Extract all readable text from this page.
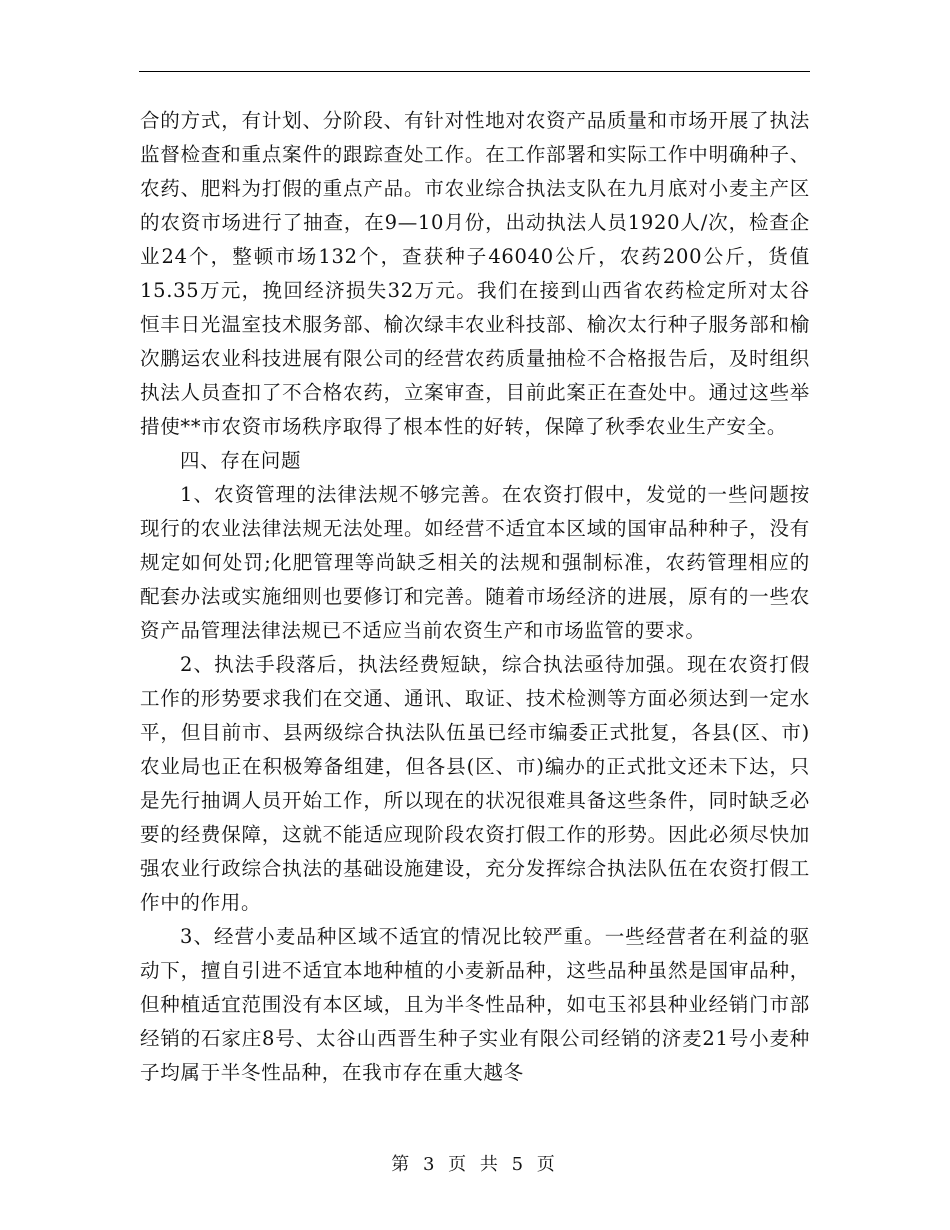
合的方式，有计划、分阶段、有针对性地对农资产品质量和市场开展了执法监督检查和重点案件的跟踪查处工作。在工作部署和实际工作中明确种子、农药、肥料为打假的重点产品。市农业综合执法支队在九月底对小麦主产区的农资市场进行了抽查，在9—10月份，出动执法人员1920人/次，检查企业24个，整顿市场132个，查获种子46040公斤，农药200公斤，货值15.35万元，挽回经济损失32万元。我们在接到山西省农药检定所对太谷恒丰日光温室技术服务部、榆次绿丰农业科技部、榆次太行种子服务部和榆次鹏运农业科技进展有限公司的经营农药质量抽检不合格报告后，及时组织执法人员查扣了不合格农药，立案审查，目前此案正在查处中。通过这些举措使**市农资市场秩序取得了根本性的好转，保障了秋季农业生产安全。

四、存在问题

1、农资管理的法律法规不够完善。在农资打假中，发觉的一些问题按现行的农业法律法规无法处理。如经营不适宜本区域的国审品种种子，没有规定如何处罚;化肥管理等尚缺乏相关的法规和强制标准，农药管理相应的配套办法或实施细则也要修订和完善。随着市场经济的进展，原有的一些农资产品管理法律法规已不适应当前农资生产和市场监管的要求。

2、执法手段落后，执法经费短缺，综合执法亟待加强。现在农资打假工作的形势要求我们在交通、通讯、取证、技术检测等方面必须达到一定水平，但目前市、县两级综合执法队伍虽已经市编委正式批复，各县(区、市)农业局也正在积极筹备组建，但各县(区、市)编办的正式批文还未下达，只是先行抽调人员开始工作，所以现在的状况很难具备这些条件，同时缺乏必要的经费保障，这就不能适应现阶段农资打假工作的形势。因此必须尽快加强农业行政综合执法的基础设施建设，充分发挥综合执法队伍在农资打假工作中的作用。

3、经营小麦品种区域不适宜的情况比较严重。一些经营者在利益的驱动下，擅自引进不适宜本地种植的小麦新品种，这些品种虽然是国审品种，但种植适宜范围没有本区域，且为半冬性品种，如屯玉祁县种业经销门市部经销的石家庄8号、太谷山西晋生种子实业有限公司经销的济麦21号小麦种子均属于半冬性品种，在我市存在重大越冬

第 3 页 共 5 页
